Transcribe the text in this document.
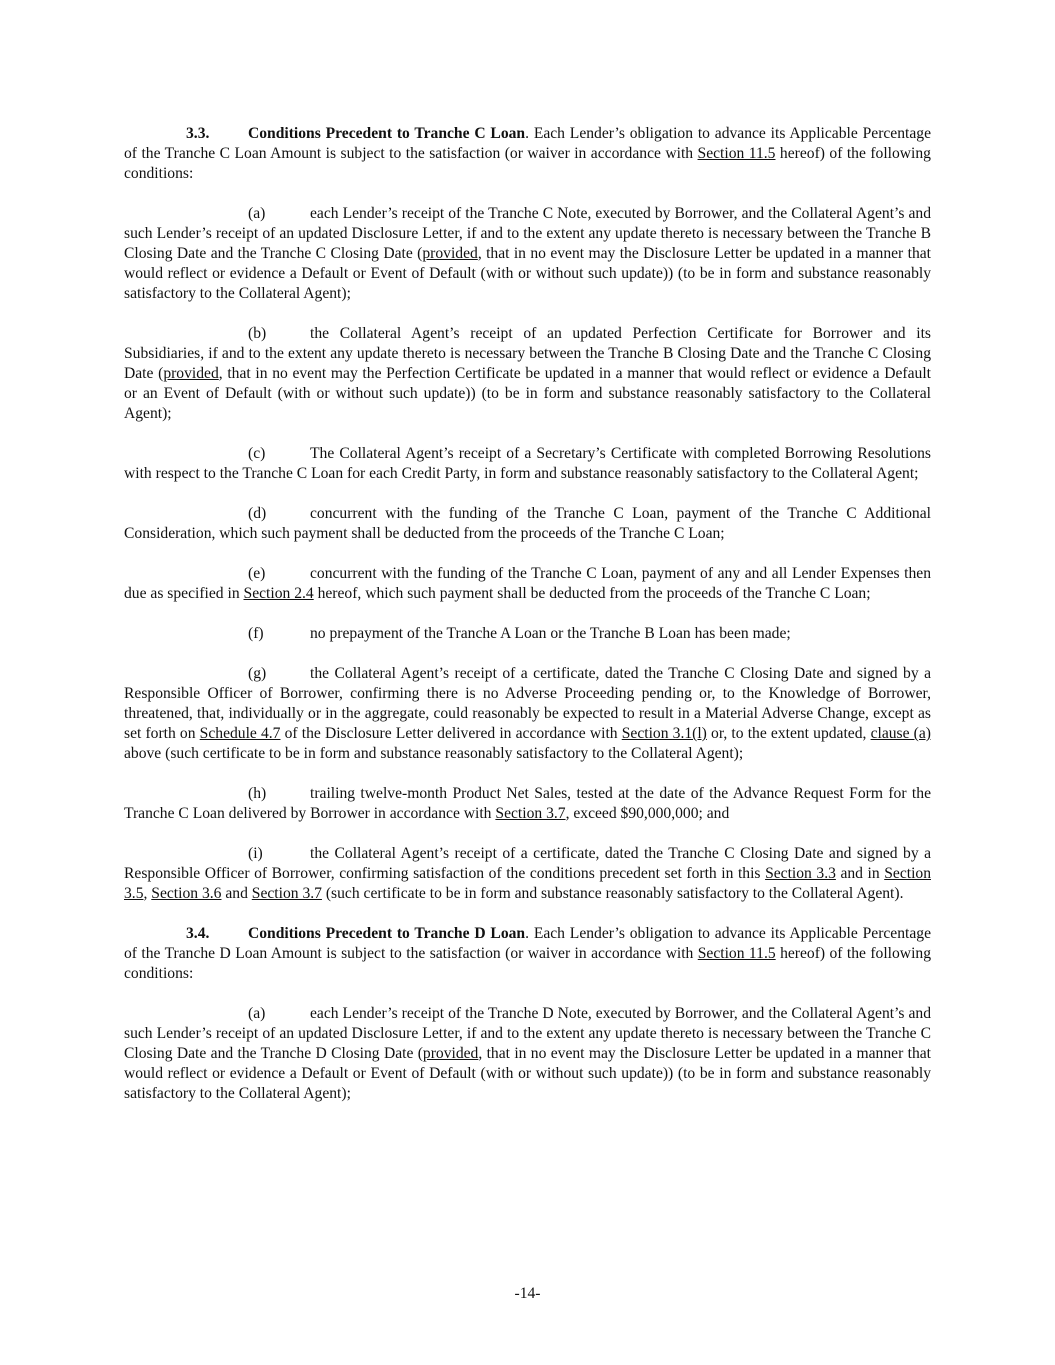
3.3. Conditions Precedent to Tranche C Loan. Each Lender’s obligation to advance its Applicable Percentage of the Tranche C Loan Amount is subject to the satisfaction (or waiver in accordance with Section 11.5 hereof) of the following conditions:

(a)	each Lender’s receipt of the Tranche C Note, executed by Borrower, and the Collateral Agent’s and such Lender’s receipt of an updated Disclosure Letter, if and to the extent any update thereto is necessary between the Tranche B Closing Date and the Tranche C Closing Date (provided, that in no event may the Disclosure Letter be updated in a manner that would reflect or evidence a Default or Event of Default (with or without such update)) (to be in form and substance reasonably satisfactory to the Collateral Agent);

(b)	the Collateral Agent’s receipt of an updated Perfection Certificate for Borrower and its Subsidiaries, if and to the extent any update thereto is necessary between the Tranche B Closing Date and the Tranche C Closing Date (provided, that in no event may the Perfection Certificate be updated in a manner that would reflect or evidence a Default or an Event of Default (with or without such update)) (to be in form and substance reasonably satisfactory to the Collateral Agent);

(c)	The Collateral Agent’s receipt of a Secretary’s Certificate with completed Borrowing Resolutions with respect to the Tranche C Loan for each Credit Party, in form and substance reasonably satisfactory to the Collateral Agent;

(d)	concurrent with the funding of the Tranche C Loan, payment of the Tranche C Additional Consideration, which such payment shall be deducted from the proceeds of the Tranche C Loan;

(e)	concurrent with the funding of the Tranche C Loan, payment of any and all Lender Expenses then due as specified in Section 2.4 hereof, which such payment shall be deducted from the proceeds of the Tranche C Loan;

(f)	no prepayment of the Tranche A Loan or the Tranche B Loan has been made;

(g)	the Collateral Agent’s receipt of a certificate, dated the Tranche C Closing Date and signed by a Responsible Officer of Borrower, confirming there is no Adverse Proceeding pending or, to the Knowledge of Borrower, threatened, that, individually or in the aggregate, could reasonably be expected to result in a Material Adverse Change, except as set forth on Schedule 4.7 of the Disclosure Letter delivered in accordance with Section 3.1(l) or, to the extent updated, clause (a) above (such certificate to be in form and substance reasonably satisfactory to the Collateral Agent);

(h)	trailing twelve-month Product Net Sales, tested at the date of the Advance Request Form for the Tranche C Loan delivered by Borrower in accordance with Section 3.7, exceed $90,000,000; and

(i)	the Collateral Agent’s receipt of a certificate, dated the Tranche C Closing Date and signed by a Responsible Officer of Borrower, confirming satisfaction of the conditions precedent set forth in this Section 3.3 and in Section 3.5, Section 3.6 and Section 3.7 (such certificate to be in form and substance reasonably satisfactory to the Collateral Agent).

3.4. Conditions Precedent to Tranche D Loan. Each Lender’s obligation to advance its Applicable Percentage of the Tranche D Loan Amount is subject to the satisfaction (or waiver in accordance with Section 11.5 hereof) of the following conditions:

(a)	each Lender’s receipt of the Tranche D Note, executed by Borrower, and the Collateral Agent’s and such Lender’s receipt of an updated Disclosure Letter, if and to the extent any update thereto is necessary between the Tranche C Closing Date and the Tranche D Closing Date (provided, that in no event may the Disclosure Letter be updated in a manner that would reflect or evidence a Default or Event of Default (with or without such update)) (to be in form and substance reasonably satisfactory to the Collateral Agent);

-14-
